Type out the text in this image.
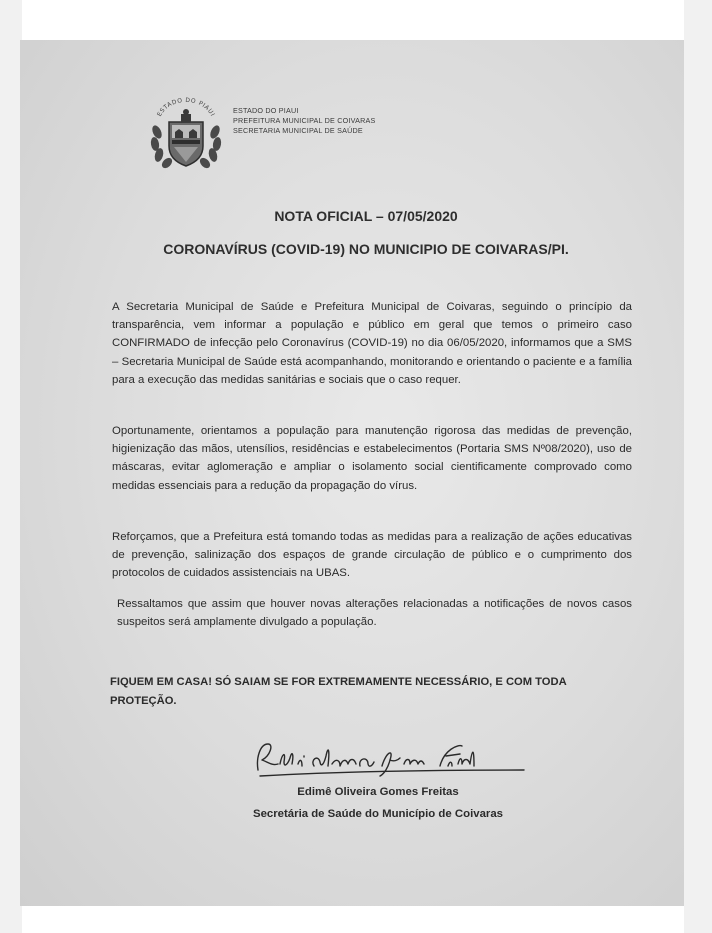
ESTADO DO PIAUI
ESTADO DO PIAUI
PREFEITURA MUNICIPAL DE COIVARAS
SECRETARIA MUNICIPAL DE SAÚDE
NOTA OFICIAL – 07/05/2020
CORONAVÍRUS (COVID-19) NO MUNICIPIO DE COIVARAS/PI.
A Secretaria Municipal de Saúde e Prefeitura Municipal de Coivaras, seguindo o princípio da transparência, vem informar a população e público em geral que temos o primeiro caso CONFIRMADO de infecção pelo Coronavírus (COVID-19) no dia 06/05/2020, informamos que a SMS – Secretaria Municipal de Saúde está acompanhando, monitorando e orientando o paciente e a família para a execução das medidas sanitárias e sociais que o caso requer.
Oportunamente, orientamos a população para manutenção rigorosa das medidas de prevenção, higienização das mãos, utensílios, residências e estabelecimentos (Portaria SMS Nº08/2020), uso de máscaras, evitar aglomeração e ampliar o isolamento social cientificamente comprovado como medidas essenciais para a redução da propagação do vírus.
Reforçamos, que a Prefeitura está tomando todas as medidas para a realização de ações educativas de prevenção, salinização dos espaços de grande circulação de público e o cumprimento dos protocolos de cuidados assistenciais na UBAS.
Ressaltamos que assim que houver novas alterações relacionadas a notificações de novos casos suspeitos será amplamente divulgado a população.
FIQUEM EM CASA! SÓ SAIAM SE FOR EXTREMAMENTE NECESSÁRIO, E COM TODA PROTEÇÃO.
Edimê Oliveira Gomes Freitas
Secretária de Saúde do Município de Coivaras
